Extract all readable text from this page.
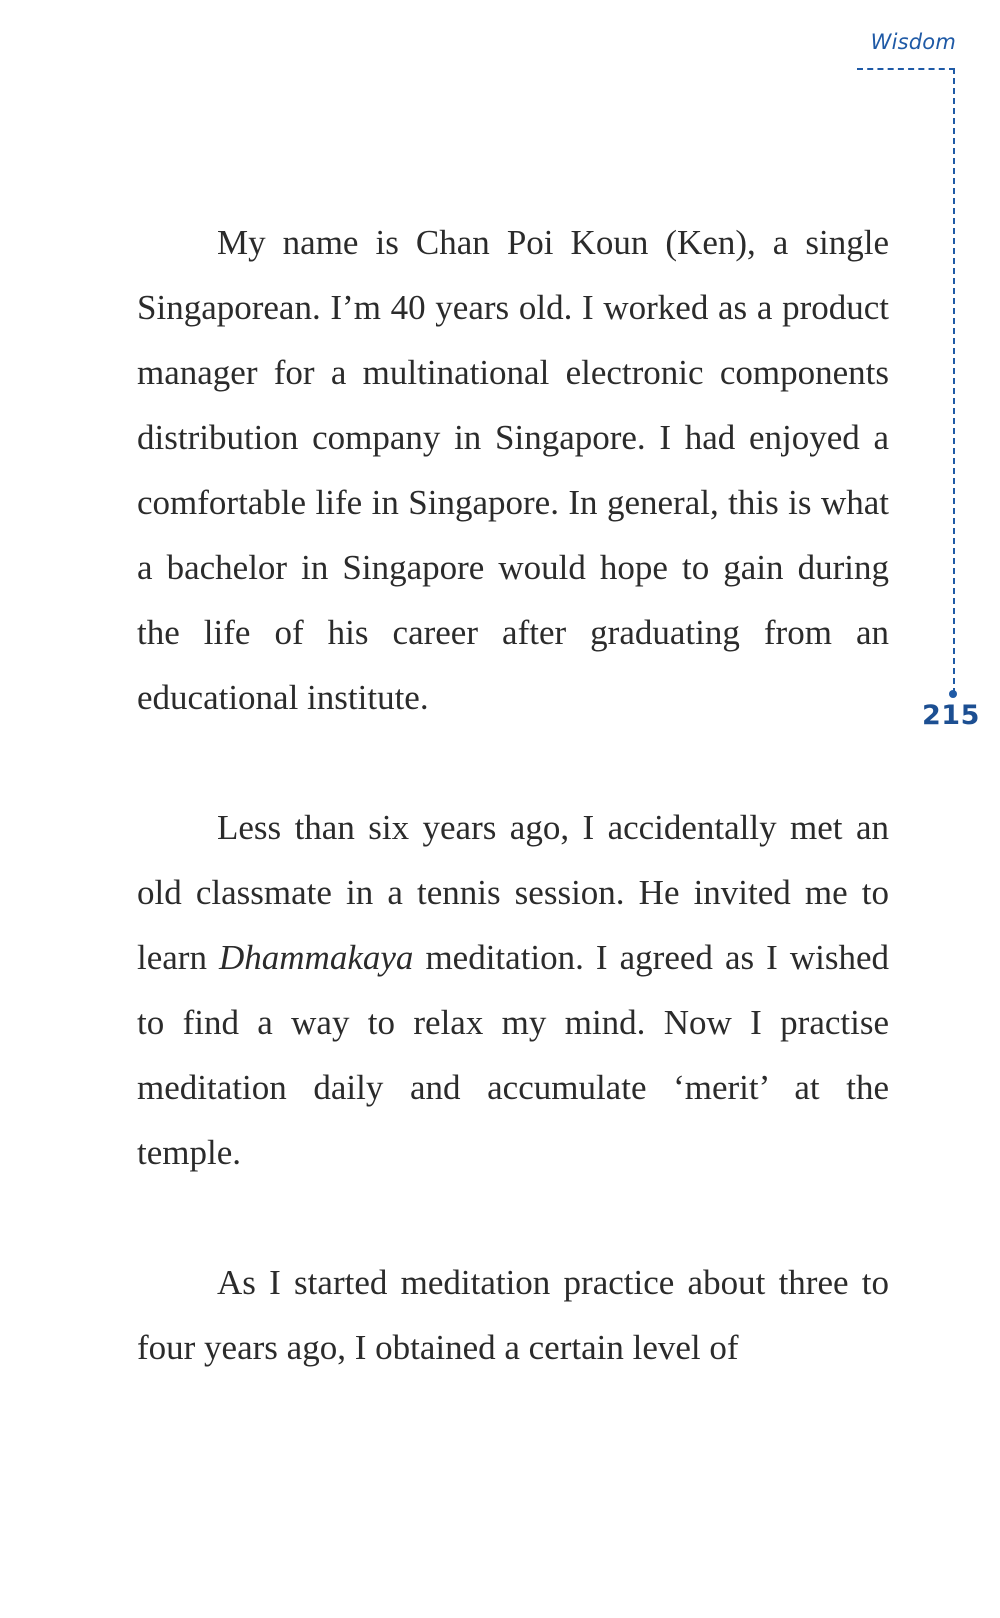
Wisdom
215

My name is Chan Poi Koun (Ken), a single Singaporean. I’m 40 years old. I worked as a product manager for a multinational electronic components distribution company in Singapore. I had enjoyed a comfortable life in Singapore. In general, this is what a bachelor in Singapore would hope to gain during the life of his career after graduating from an educational institute.

Less than six years ago, I accidentally met an old classmate in a tennis session. He invited me to learn Dhammakaya meditation. I agreed as I wished to find a way to relax my mind. Now I practise meditation daily and accumulate ‘merit’ at the temple.

As I started meditation practice about three to four years ago, I obtained a certain level of
